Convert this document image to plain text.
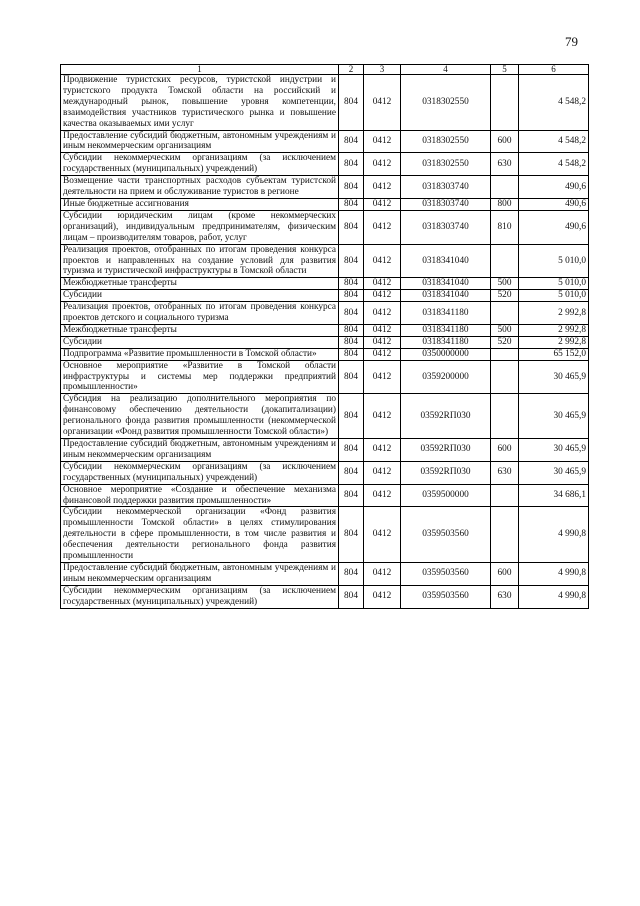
79
1	2	3	4	5	6
Продвижение туристских ресурсов, туристской индустрии и туристского продукта Томской области на российский и международный рынок, повышение уровня компетенции, взаимодействия участников туристического рынка и повышение качества оказываемых ими услуг	804	0412	0318302550		4 548,2
Предоставление субсидий бюджетным, автономным учреждениям и иным некоммерческим организациям	804	0412	0318302550	600	4 548,2
Субсидии некоммерческим организациям (за исключением государственных (муниципальных) учреждений)	804	0412	0318302550	630	4 548,2
Возмещение части транспортных расходов субъектам туристской деятельности на прием и обслуживание туристов в регионе	804	0412	0318303740		490,6
Иные бюджетные ассигнования	804	0412	0318303740	800	490,6
Субсидии юридическим лицам (кроме некоммерческих организаций), индивидуальным предпринимателям, физическим лицам – производителям товаров, работ, услуг	804	0412	0318303740	810	490,6
Реализация проектов, отобранных по итогам проведения конкурса проектов и направленных на создание условий для развития туризма и туристической инфраструктуры в Томской области	804	0412	0318341040		5 010,0
Межбюджетные трансферты	804	0412	0318341040	500	5 010,0
Субсидии	804	0412	0318341040	520	5 010,0
Реализация проектов, отобранных по итогам проведения конкурса проектов детского и социального туризма	804	0412	0318341180		2 992,8
Межбюджетные трансферты	804	0412	0318341180	500	2 992,8
Субсидии	804	0412	0318341180	520	2 992,8
Подпрограмма «Развитие промышленности в Томской области»	804	0412	0350000000		65 152,0
Основное мероприятие «Развитие в Томской области инфраструктуры и системы мер поддержки предприятий промышленности»	804	0412	0359200000		30 465,9
Субсидия на реализацию дополнительного мероприятия по финансовому обеспечению деятельности (докапитализации) регионального фонда развития промышленности (некоммерческой организации «Фонд развития промышленности Томской области»)	804	0412	03592RП030		30 465,9
Предоставление субсидий бюджетным, автономным учреждениям и иным некоммерческим организациям	804	0412	03592RП030	600	30 465,9
Субсидии некоммерческим организациям (за исключением государственных (муниципальных) учреждений)	804	0412	03592RП030	630	30 465,9
Основное мероприятие «Создание и обеспечение механизма финансовой поддержки развития промышленности»	804	0412	0359500000		34 686,1
Субсидии некоммерческой организации «Фонд развития промышленности Томской области» в целях стимулирования деятельности в сфере промышленности, в том числе развития и обеспечения деятельности регионального фонда развития промышленности	804	0412	0359503560		4 990,8
Предоставление субсидий бюджетным, автономным учреждениям и иным некоммерческим организациям	804	0412	0359503560	600	4 990,8
Субсидии некоммерческим организациям (за исключением государственных (муниципальных) учреждений)	804	0412	0359503560	630	4 990,8
